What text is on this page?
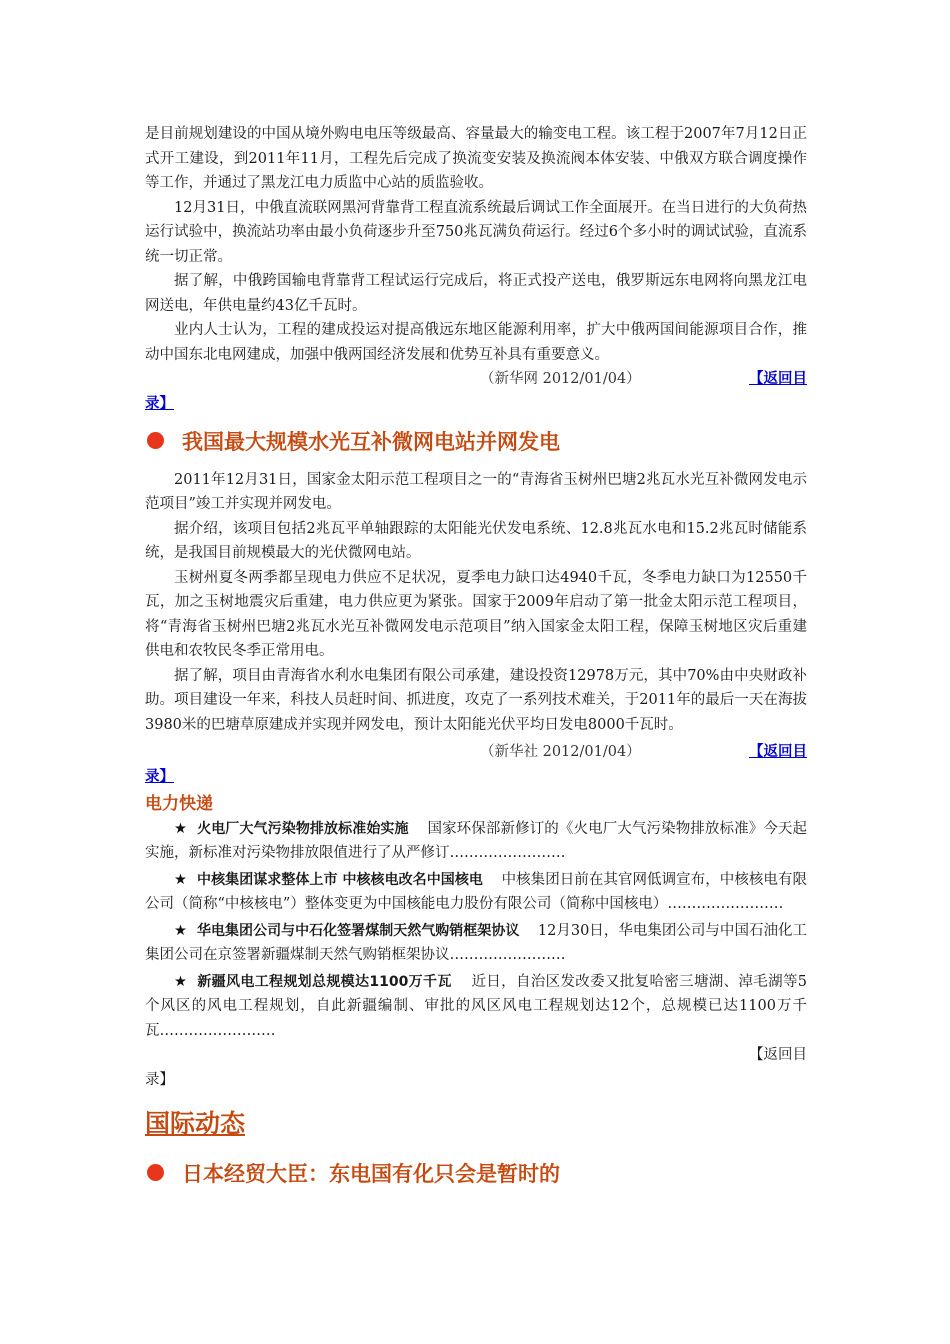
是目前规划建设的中国从境外购电电压等级最高、容量最大的输变电工程。该工程于2007年7月12日正式开工建设，到2011年11月，工程先后完成了换流变安装及换流阀本体安装、中俄双方联合调度操作等工作，并通过了黑龙江电力质监中心站的质监验收。

12月31日，中俄直流联网黑河背靠背工程直流系统最后调试工作全面展开。在当日进行的大负荷热运行试验中，换流站功率由最小负荷逐步升至750兆瓦满负荷运行。经过6个多小时的调试试验，直流系统一切正常。

据了解，中俄跨国输电背靠背工程试运行完成后，将正式投产送电，俄罗斯远东电网将向黑龙江电网送电，年供电量约43亿千瓦时。

业内人士认为，工程的建成投运对提高俄远东地区能源利用率，扩大中俄两国间能源项目合作，推动中国东北电网建成，加强中俄两国经济发展和优势互补具有重要意义。

（新华网 2012/01/04）	【返回目
录】
我国最大规模水光互补微网电站并网发电

2011年12月31日，国家金太阳示范工程项目之一的“青海省玉树州巴塘2兆瓦水光互补微网发电示范项目”竣工并实现并网发电。

据介绍，该项目包括2兆瓦平单轴跟踪的太阳能光伏发电系统、12.8兆瓦水电和15.2兆瓦时储能系统，是我国目前规模最大的光伏微网电站。

玉树州夏冬两季都呈现电力供应不足状况，夏季电力缺口达4940千瓦，冬季电力缺口为12550千瓦，加之玉树地震灾后重建，电力供应更为紧张。国家于2009年启动了第一批金太阳示范工程项目，将“青海省玉树州巴塘2兆瓦水光互补微网发电示范项目”纳入国家金太阳工程，保障玉树地区灾后重建供电和农牧民冬季正常用电。

据了解，项目由青海省水利水电集团有限公司承建，建设投资12978万元，其中70%由中央财政补助。项目建设一年来，科技人员赶时间、抓进度，攻克了一系列技术难关，于2011年的最后一天在海拔3980米的巴塘草原建成并实现并网发电，预计太阳能光伏平均日发电8000千瓦时。

（新华社 2012/01/04）	【返回目
录】
电力快递

★ 火电厂大气污染物排放标准始实施 国家环保部新修订的《火电厂大气污染物排放标准》今天起实施，新标准对污染物排放限值进行了从严修订……………………

★ 中核集团谋求整体上市 中核核电改名中国核电 中核集团日前在其官网低调宣布，中核核电有限公司（简称“中核核电”）整体变更为中国核能电力股份有限公司（简称中国核电）……………………

★ 华电集团公司与中石化签署煤制天然气购销框架协议 12月30日，华电集团公司与中国石油化工集团公司在京签署新疆煤制天然气购销框架协议……………………

★ 新疆风电工程规划总规模达1100万千瓦 近日，自治区发改委又批复哈密三塘湖、淖毛湖等5个风区的风电工程规划，自此新疆编制、审批的风区风电工程规划达12个，总规模已达1100万千瓦……………………

【返回目
录】
国际动态
日本经贸大臣：东电国有化只会是暂时的
